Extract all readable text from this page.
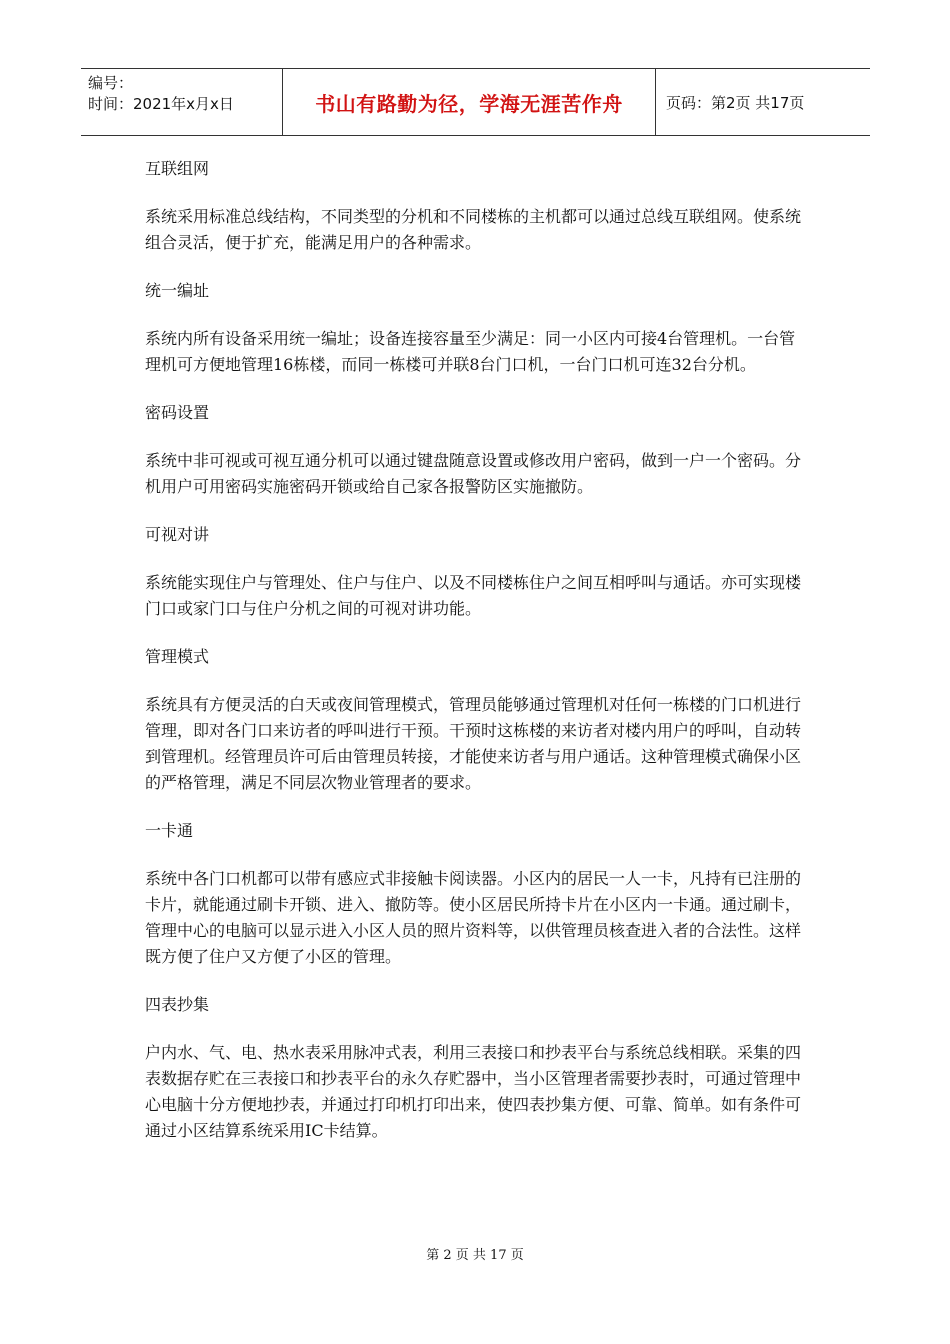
编号：
时间：2021年x月x日	书山有路勤为径，学海无涯苦作舟	页码：第2页 共17页

互联组网

系统采用标准总线结构，不同类型的分机和不同楼栋的主机都可以通过总线互联组网。使系统组合灵活，便于扩充，能满足用户的各种需求。

统一编址

系统内所有设备采用统一编址；设备连接容量至少满足：同一小区内可接4台管理机。一台管理机可方便地管理16栋楼，而同一栋楼可并联8台门口机，一台门口机可连32台分机。

密码设置

系统中非可视或可视互通分机可以通过键盘随意设置或修改用户密码，做到一户一个密码。分机用户可用密码实施密码开锁或给自己家各报警防区实施撤防。

可视对讲

系统能实现住户与管理处、住户与住户、以及不同楼栋住户之间互相呼叫与通话。亦可实现楼门口或家门口与住户分机之间的可视对讲功能。

管理模式

系统具有方便灵活的白天或夜间管理模式，管理员能够通过管理机对任何一栋楼的门口机进行管理，即对各门口来访者的呼叫进行干预。干预时这栋楼的来访者对楼内用户的呼叫，自动转到管理机。经管理员许可后由管理员转接，才能使来访者与用户通话。这种管理模式确保小区的严格管理，满足不同层次物业管理者的要求。

一卡通

系统中各门口机都可以带有感应式非接触卡阅读器。小区内的居民一人一卡，凡持有已注册的卡片，就能通过刷卡开锁、进入、撤防等。使小区居民所持卡片在小区内一卡通。通过刷卡，管理中心的电脑可以显示进入小区人员的照片资料等，以供管理员核查进入者的合法性。这样既方便了住户又方便了小区的管理。

四表抄集

户内水、气、电、热水表采用脉冲式表，利用三表接口和抄表平台与系统总线相联。采集的四表数据存贮在三表接口和抄表平台的永久存贮器中，当小区管理者需要抄表时，可通过管理中心电脑十分方便地抄表，并通过打印机打印出来，使四表抄集方便、可靠、简单。如有条件可通过小区结算系统采用IC卡结算。

第 2 页 共 17 页
